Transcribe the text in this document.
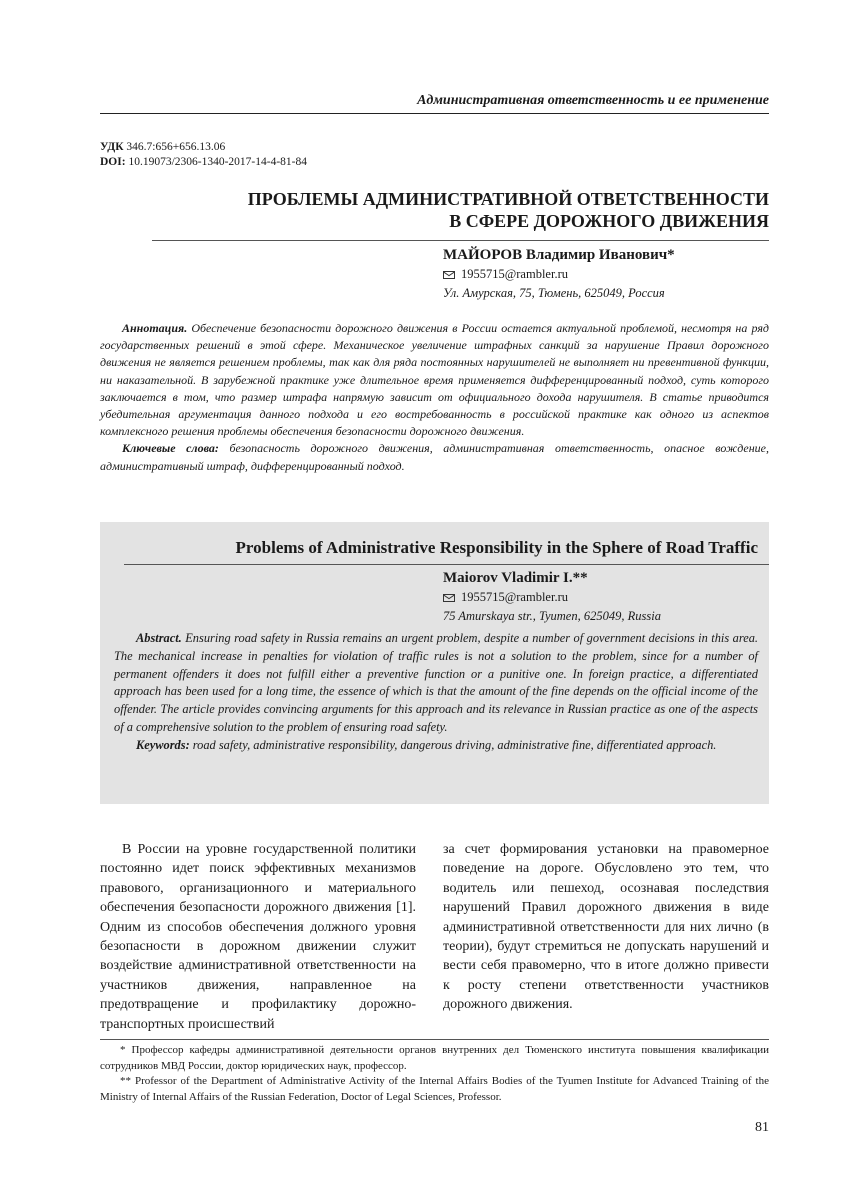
Административная ответственность и ее применение
УДК 346.7:656+656.13.06
DOI: 10.19073/2306-1340-2017-14-4-81-84
ПРОБЛЕМЫ АДМИНИСТРАТИВНОЙ ОТВЕТСТВЕННОСТИ
В СФЕРЕ ДОРОЖНОГО ДВИЖЕНИЯ
МАЙОРОВ Владимир Иванович*
1955715@rambler.ru
Ул. Амурская, 75, Тюмень, 625049, Россия

Аннотация. Обеспечение безопасности дорожного движения в России остается актуальной проблемой, несмотря на ряд государственных решений в этой сфере. Механическое увеличение штрафных санкций за нарушение Правил дорожного движения не является решением проблемы, так как для ряда постоянных нарушителей не выполняет ни превентивной функции, ни наказательной. В зарубежной практике уже длительное время применяется дифференцированный подход, суть которого заключается в том, что размер штрафа напрямую зависит от официального дохода нарушителя. В статье приводится убедительная аргументация данного подхода и его востребованность в российской практике как одного из аспектов комплексного решения проблемы обеспечения безопасности дорожного движения.

Ключевые слова: безопасность дорожного движения, административная ответственность, опасное вождение, административный штраф, дифференцированный подход.

Problems of Administrative Responsibility in the Sphere of Road Traffic
Maiorov Vladimir I.**
1955715@rambler.ru
75 Amurskaya str., Tyumen, 625049, Russia

Abstract. Ensuring road safety in Russia remains an urgent problem, despite a number of government decisions in this area. The mechanical increase in penalties for violation of traffic rules is not a solution to the problem, since for a number of permanent offenders it does not fulfill either a preventive function or a punitive one. In foreign practice, a differentiated approach has been used for a long time, the essence of which is that the amount of the fine depends on the official income of the offender. The article provides convincing arguments for this approach and its relevance in Russian practice as one of the aspects of a comprehensive solution to the problem of ensuring road safety.

Keywords: road safety, administrative responsibility, dangerous driving, administrative fine, differentiated approach.

В России на уровне государственной политики постоянно идет поиск эффективных механизмов правового, организационного и материального обеспечения безопасности дорожного движения [1]. Одним из способов обеспечения должного уровня безопасности в дорожном движении служит воздействие административной ответственности на участников движения, направленное на предотвращение и профилактику дорожно-транспортных происшествий

за счет формирования установки на правомерное поведение на дороге. Обусловлено это тем, что водитель или пешеход, осознавая последствия нарушений Правил дорожного движения в виде административной ответственности для них лично (в теории), будут стремиться не допускать нарушений и вести себя правомерно, что в итоге должно привести к росту степени ответственности участников дорожного движения.

* Профессор кафедры административной деятельности органов внутренних дел Тюменского института повышения квалификации сотрудников МВД России, доктор юридических наук, профессор.

** Professor of the Department of Administrative Activity of the Internal Affairs Bodies of the Tyumen Institute for Advanced Training of the Ministry of Internal Affairs of the Russian Federation, Doctor of Legal Sciences, Professor.

81
